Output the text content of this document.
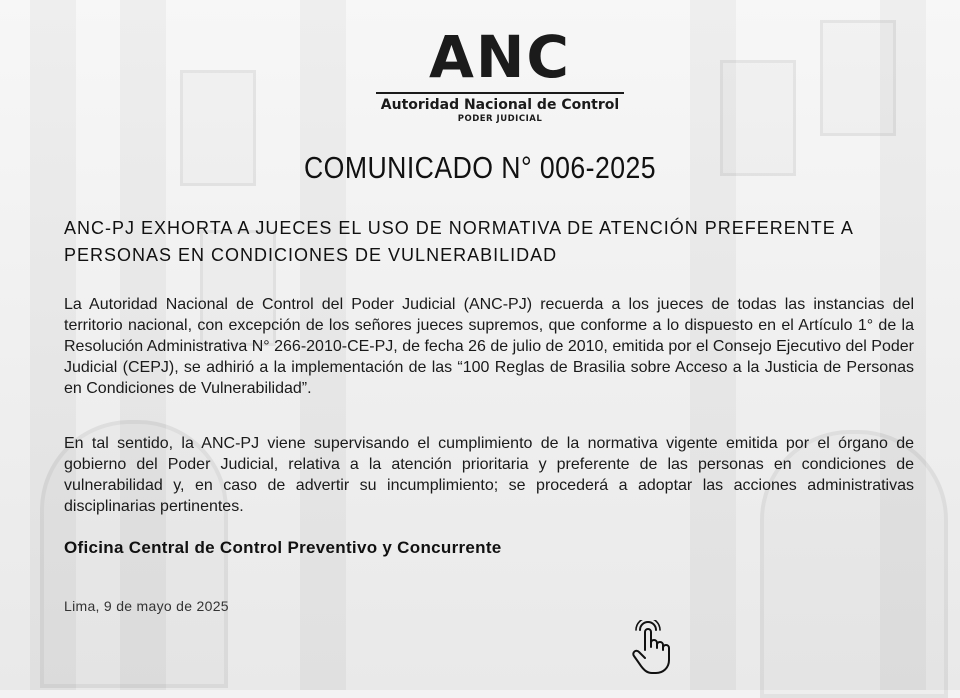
ANC
Autoridad Nacional de Control
PODER JUDICIAL
COMUNICADO N° 006-2025
ANC-PJ EXHORTA A JUECES EL USO DE NORMATIVA DE ATENCIÓN PREFERENTE A PERSONAS EN CONDICIONES DE VULNERABILIDAD
La Autoridad Nacional de Control del Poder Judicial (ANC-PJ) recuerda a los jueces de todas las instancias del territorio nacional, con excepción de los señores jueces supremos, que conforme a lo dispuesto en el Artículo 1° de la Resolución Administrativa N° 266-2010-CE-PJ, de fecha 26 de julio de 2010, emitida por el Consejo Ejecutivo del Poder Judicial (CEPJ), se adhirió a la implementación de las “100 Reglas de Brasilia sobre Acceso a la Justicia de Personas en Condiciones de Vulnerabilidad”.
En tal sentido, la ANC-PJ viene supervisando el cumplimiento de la normativa vigente emitida por el órgano de gobierno del Poder Judicial, relativa a la atención prioritaria y preferente de las personas en condiciones de vulnerabilidad y, en caso de advertir su incumplimiento; se procederá a adoptar las acciones administrativas disciplinarias pertinentes.
Oficina Central de Control Preventivo y Concurrente
Lima, 9 de mayo de 2025
